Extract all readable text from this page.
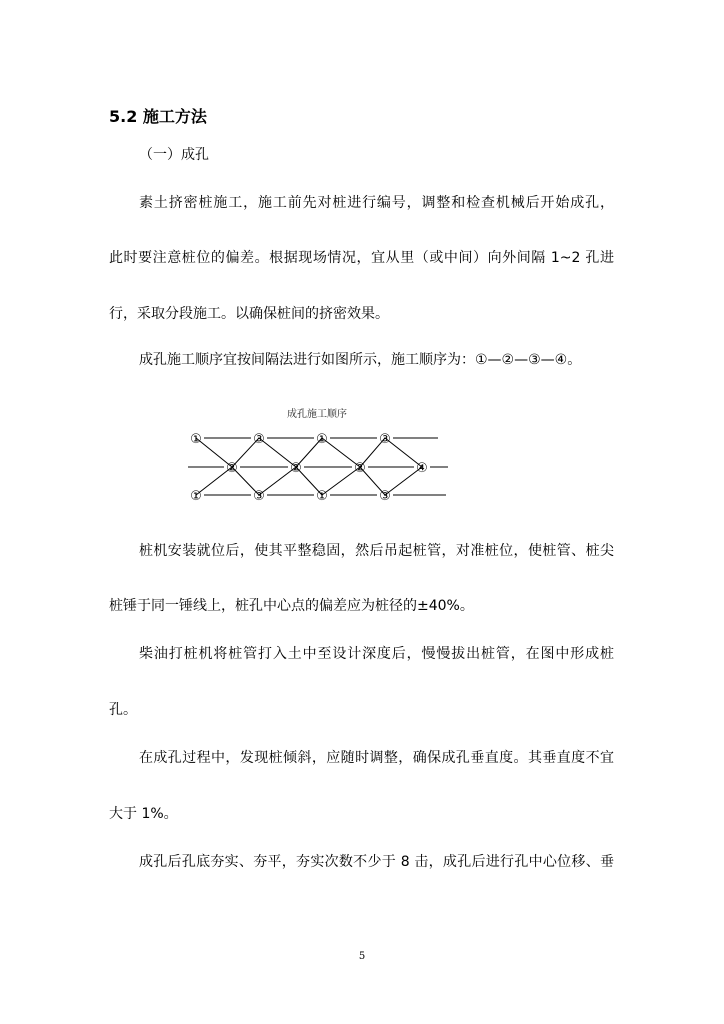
5.2 施工方法

（一）成孔

素土挤密桩施工，施工前先对桩进行编号，调整和检查机械后开始成孔，

此时要注意桩位的偏差。根据现场情况，宜从里（或中间）向外间隔 1~2 孔进

行，采取分段施工。以确保桩间的挤密效果。

成孔施工顺序宜按间隔法进行如图所示，施工顺序为：①—②—③—④。

成孔施工顺序
①	③	①	③
②	②	②	④
①	③	①	③

桩机安装就位后，使其平整稳固，然后吊起桩管，对准桩位，使桩管、桩尖

桩锤于同一锤线上，桩孔中心点的偏差应为桩径的±40%。

柴油打桩机将桩管打入土中至设计深度后，慢慢拔出桩管，在图中形成桩

孔。

在成孔过程中，发现桩倾斜，应随时调整，确保成孔垂直度。其垂直度不宜

大于 1%。

成孔后孔底夯实、夯平，夯实次数不少于 8 击，成孔后进行孔中心位移、垂

5
